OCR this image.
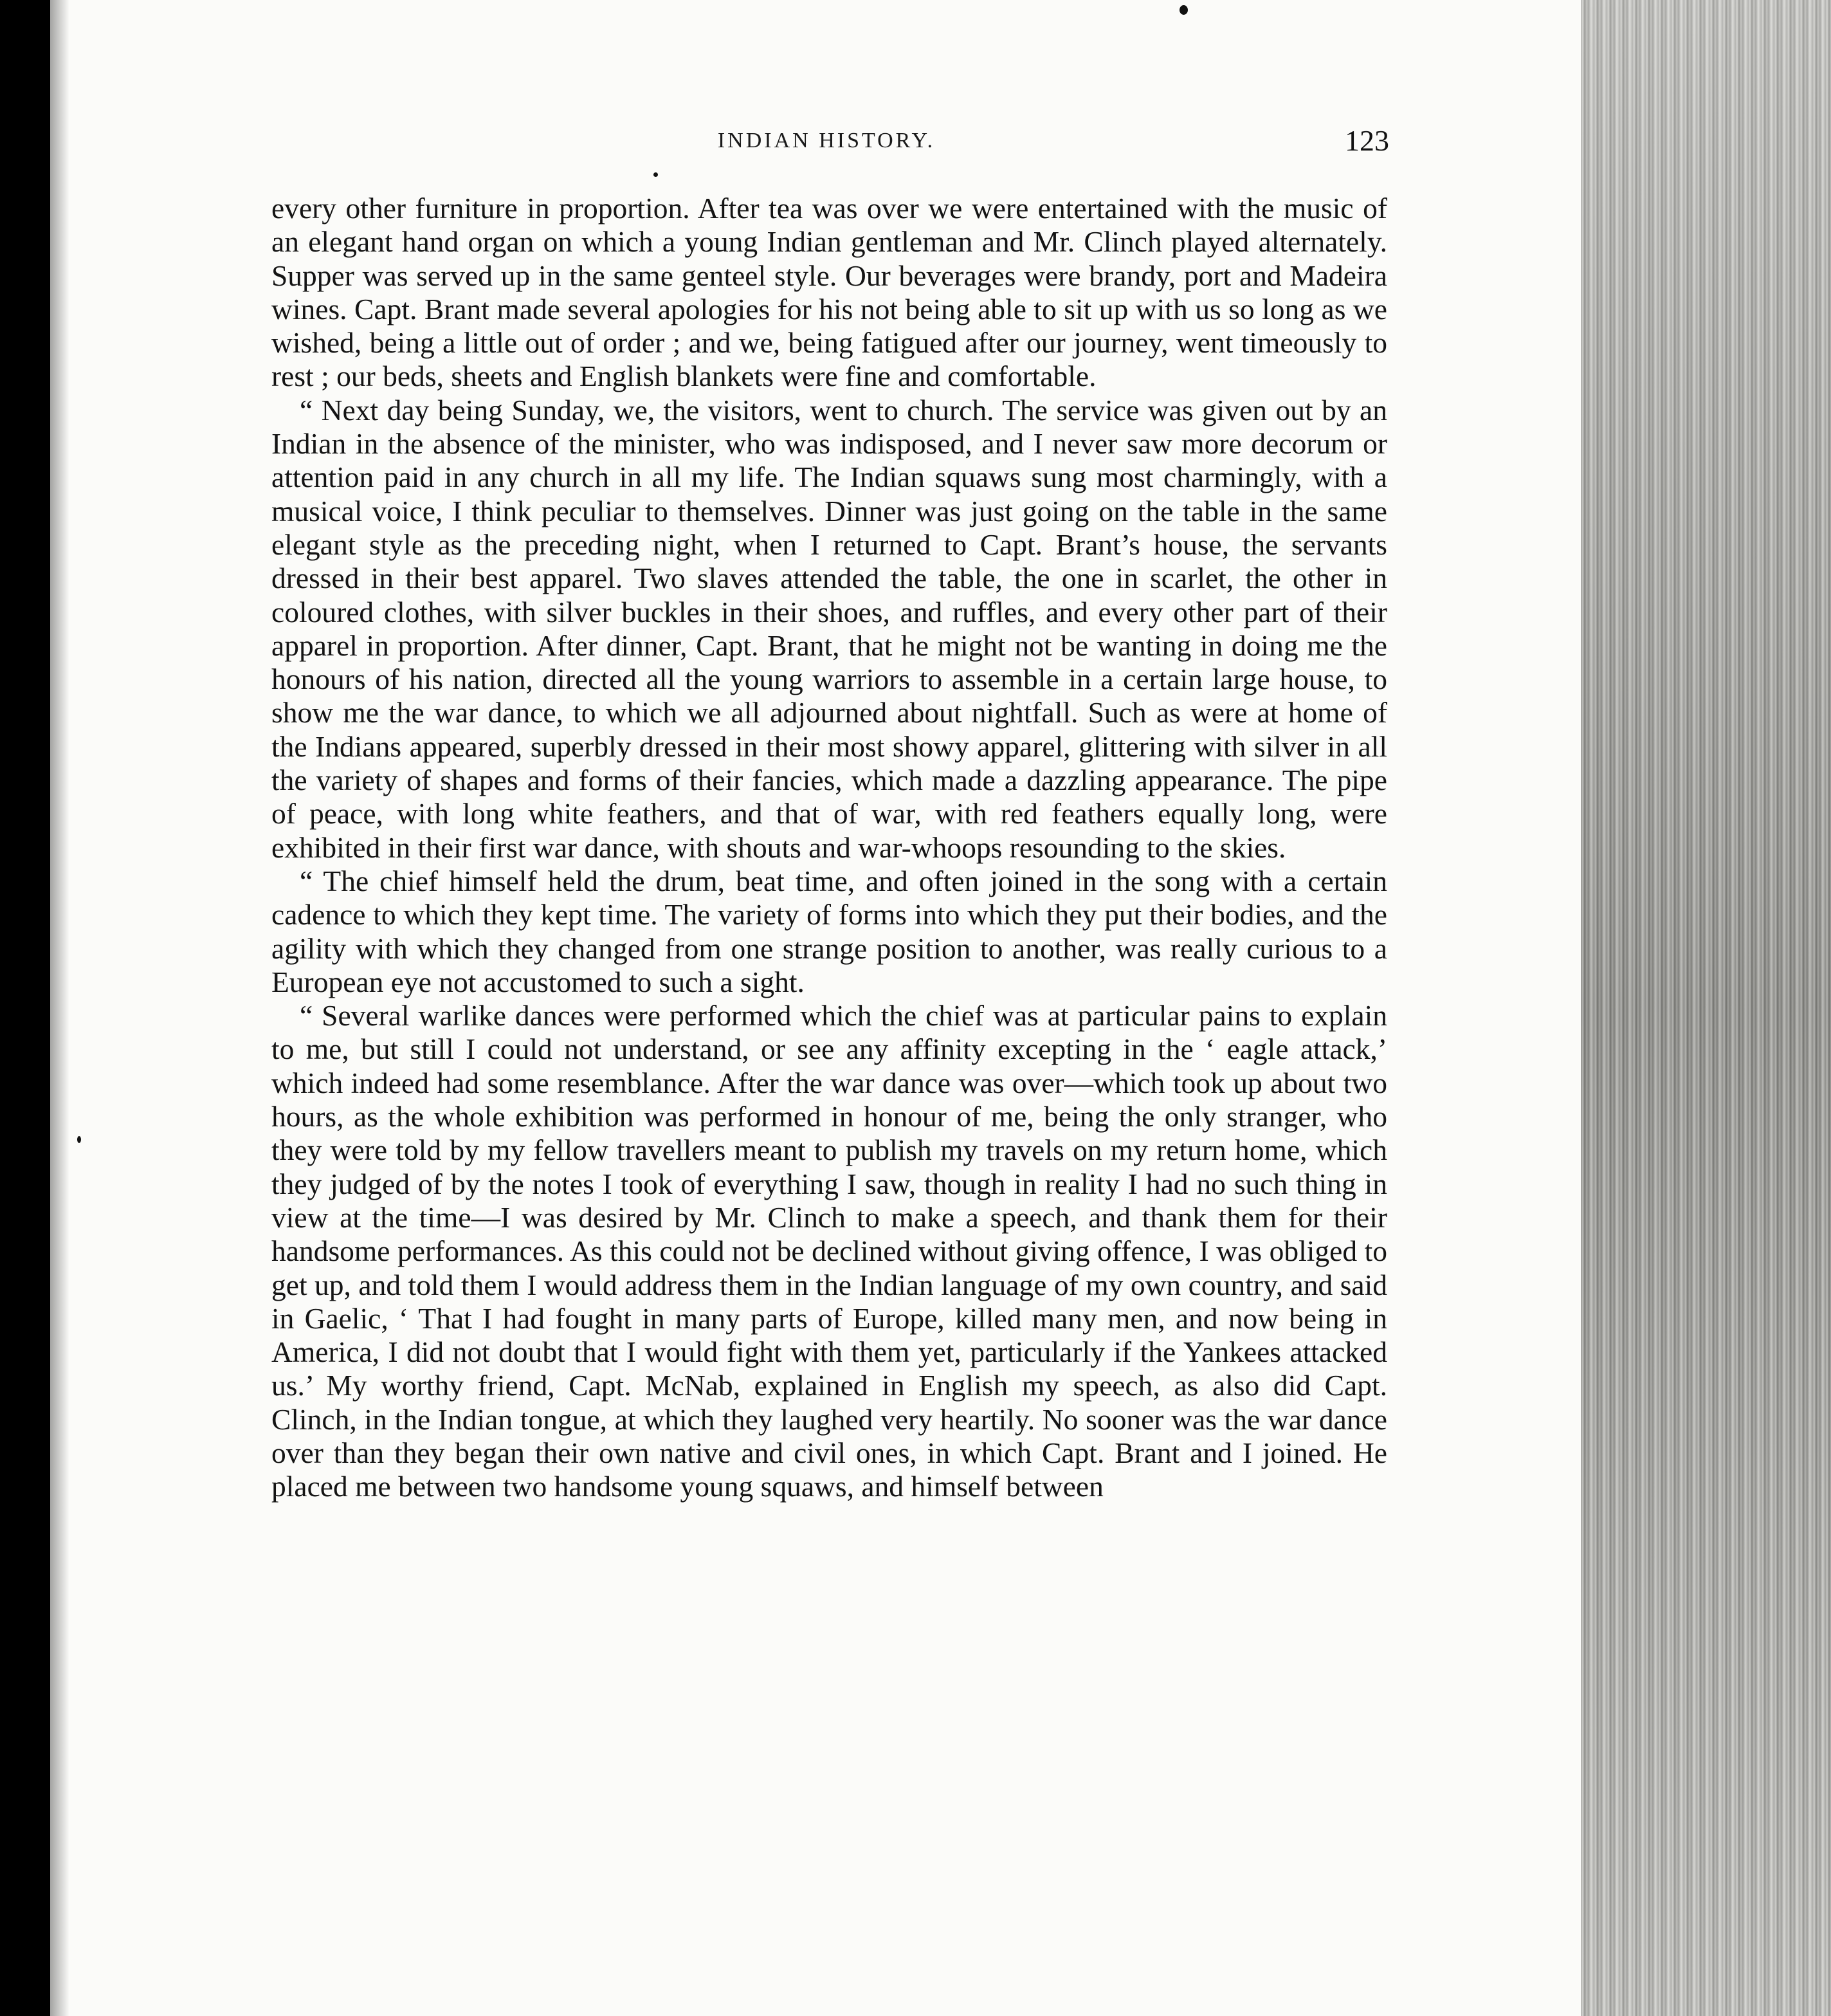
INDIAN HISTORY.	123

every other furniture in proportion. After tea was over we were entertained with the music of an elegant hand organ on which a young Indian gentleman and Mr. Clinch played alternately. Supper was served up in the same genteel style. Our beverages were brandy, port and Madeira wines. Capt. Brant made several apologies for his not being able to sit up with us so long as we wished, being a little out of order ; and we, being fatigued after our journey, went timeously to rest ; our beds, sheets and English blankets were fine and comfortable.

“ Next day being Sunday, we, the visitors, went to church. The service was given out by an Indian in the absence of the minister, who was indisposed, and I never saw more decorum or attention paid in any church in all my life. The Indian squaws sung most charmingly, with a musical voice, I think peculiar to themselves. Dinner was just going on the table in the same elegant style as the preceding night, when I returned to Capt. Brant’s house, the servants dressed in their best apparel. Two slaves attended the table, the one in scarlet, the other in coloured clothes, with silver buckles in their shoes, and ruffles, and every other part of their apparel in proportion. After dinner, Capt. Brant, that he might not be wanting in doing me the honours of his nation, directed all the young warriors to assemble in a certain large house, to show me the war dance, to which we all adjourned about nightfall. Such as were at home of the Indians appeared, superbly dressed in their most showy apparel, glittering with silver in all the variety of shapes and forms of their fancies, which made a dazzling appearance. The pipe of peace, with long white feathers, and that of war, with red feathers equally long, were exhibited in their first war dance, with shouts and war-whoops resounding to the skies.

“ The chief himself held the drum, beat time, and often joined in the song with a certain cadence to which they kept time. The variety of forms into which they put their bodies, and the agility with which they changed from one strange position to another, was really curious to a European eye not accustomed to such a sight.

“ Several warlike dances were performed which the chief was at particular pains to explain to me, but still I could not understand, or see any affinity excepting in the ‘ eagle attack,’ which indeed had some resemblance. After the war dance was over—which took up about two hours, as the whole exhibition was performed in honour of me, being the only stranger, who they were told by my fellow travellers meant to publish my travels on my return home, which they judged of by the notes I took of everything I saw, though in reality I had no such thing in view at the time—I was desired by Mr. Clinch to make a speech, and thank them for their handsome performances. As this could not be declined without giving offence, I was obliged to get up, and told them I would address them in the Indian language of my own country, and said in Gaelic, ‘ That I had fought in many parts of Europe, killed many men, and now being in America, I did not doubt that I would fight with them yet, particularly if the Yankees attacked us.’ My worthy friend, Capt. McNab, explained in English my speech, as also did Capt. Clinch, in the Indian tongue, at which they laughed very heartily. No sooner was the war dance over than they began their own native and civil ones, in which Capt. Brant and I joined. He placed me between two handsome young squaws, and himself between
